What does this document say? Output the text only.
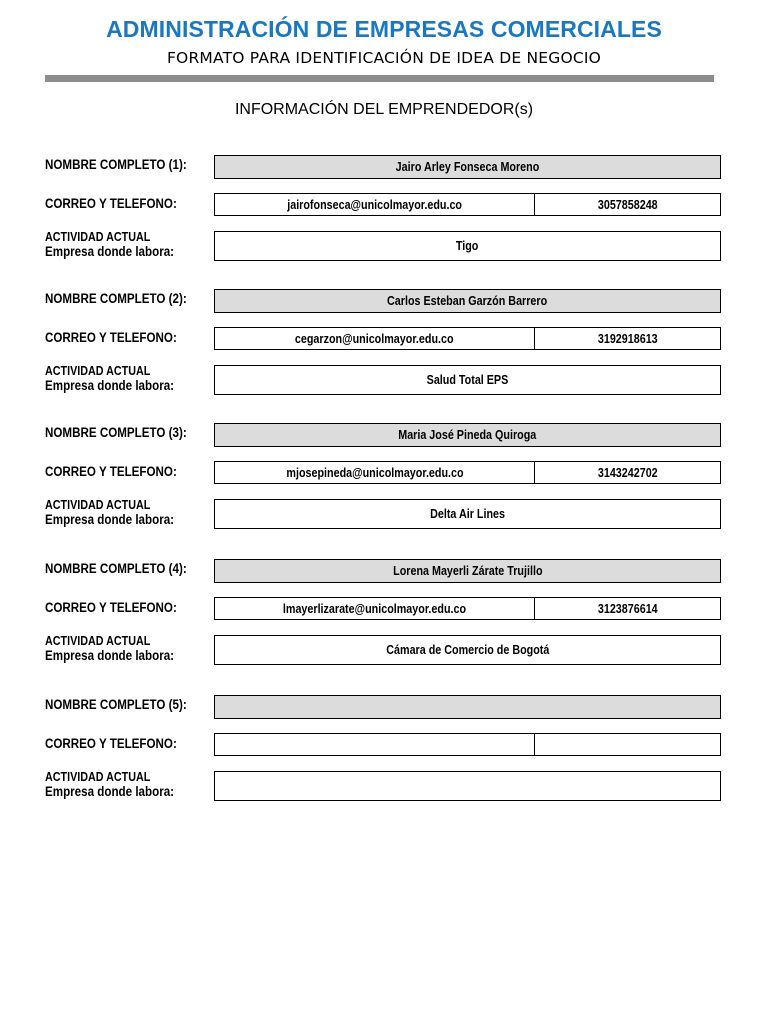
ADMINISTRACIÓN DE EMPRESAS COMERCIALES
FORMATO PARA IDENTIFICACIÓN DE IDEA DE NEGOCIO
INFORMACIÓN DEL EMPRENDEDOR(s)
NOMBRE COMPLETO (1):	Jairo Arley Fonseca Moreno
CORREO Y TELEFONO:	jairofonseca@unicolmayor.edu.co	3057858248
ACTIVIDAD ACTUAL
Empresa donde labora:	Tigo
NOMBRE COMPLETO (2):	Carlos Esteban Garzón Barrero
CORREO Y TELEFONO:	cegarzon@unicolmayor.edu.co	3192918613
ACTIVIDAD ACTUAL
Empresa donde labora:	Salud Total EPS
NOMBRE COMPLETO (3):	Maria José Pineda Quiroga
CORREO Y TELEFONO:	mjosepineda@unicolmayor.edu.co	3143242702
ACTIVIDAD ACTUAL
Empresa donde labora:	Delta Air Lines
NOMBRE COMPLETO (4):	Lorena Mayerli Zárate Trujillo
CORREO Y TELEFONO:	lmayerlizarate@unicolmayor.edu.co	3123876614
ACTIVIDAD ACTUAL
Empresa donde labora:	Cámara de Comercio de Bogotá
NOMBRE COMPLETO (5):
CORREO Y TELEFONO:
ACTIVIDAD ACTUAL
Empresa donde labora:
